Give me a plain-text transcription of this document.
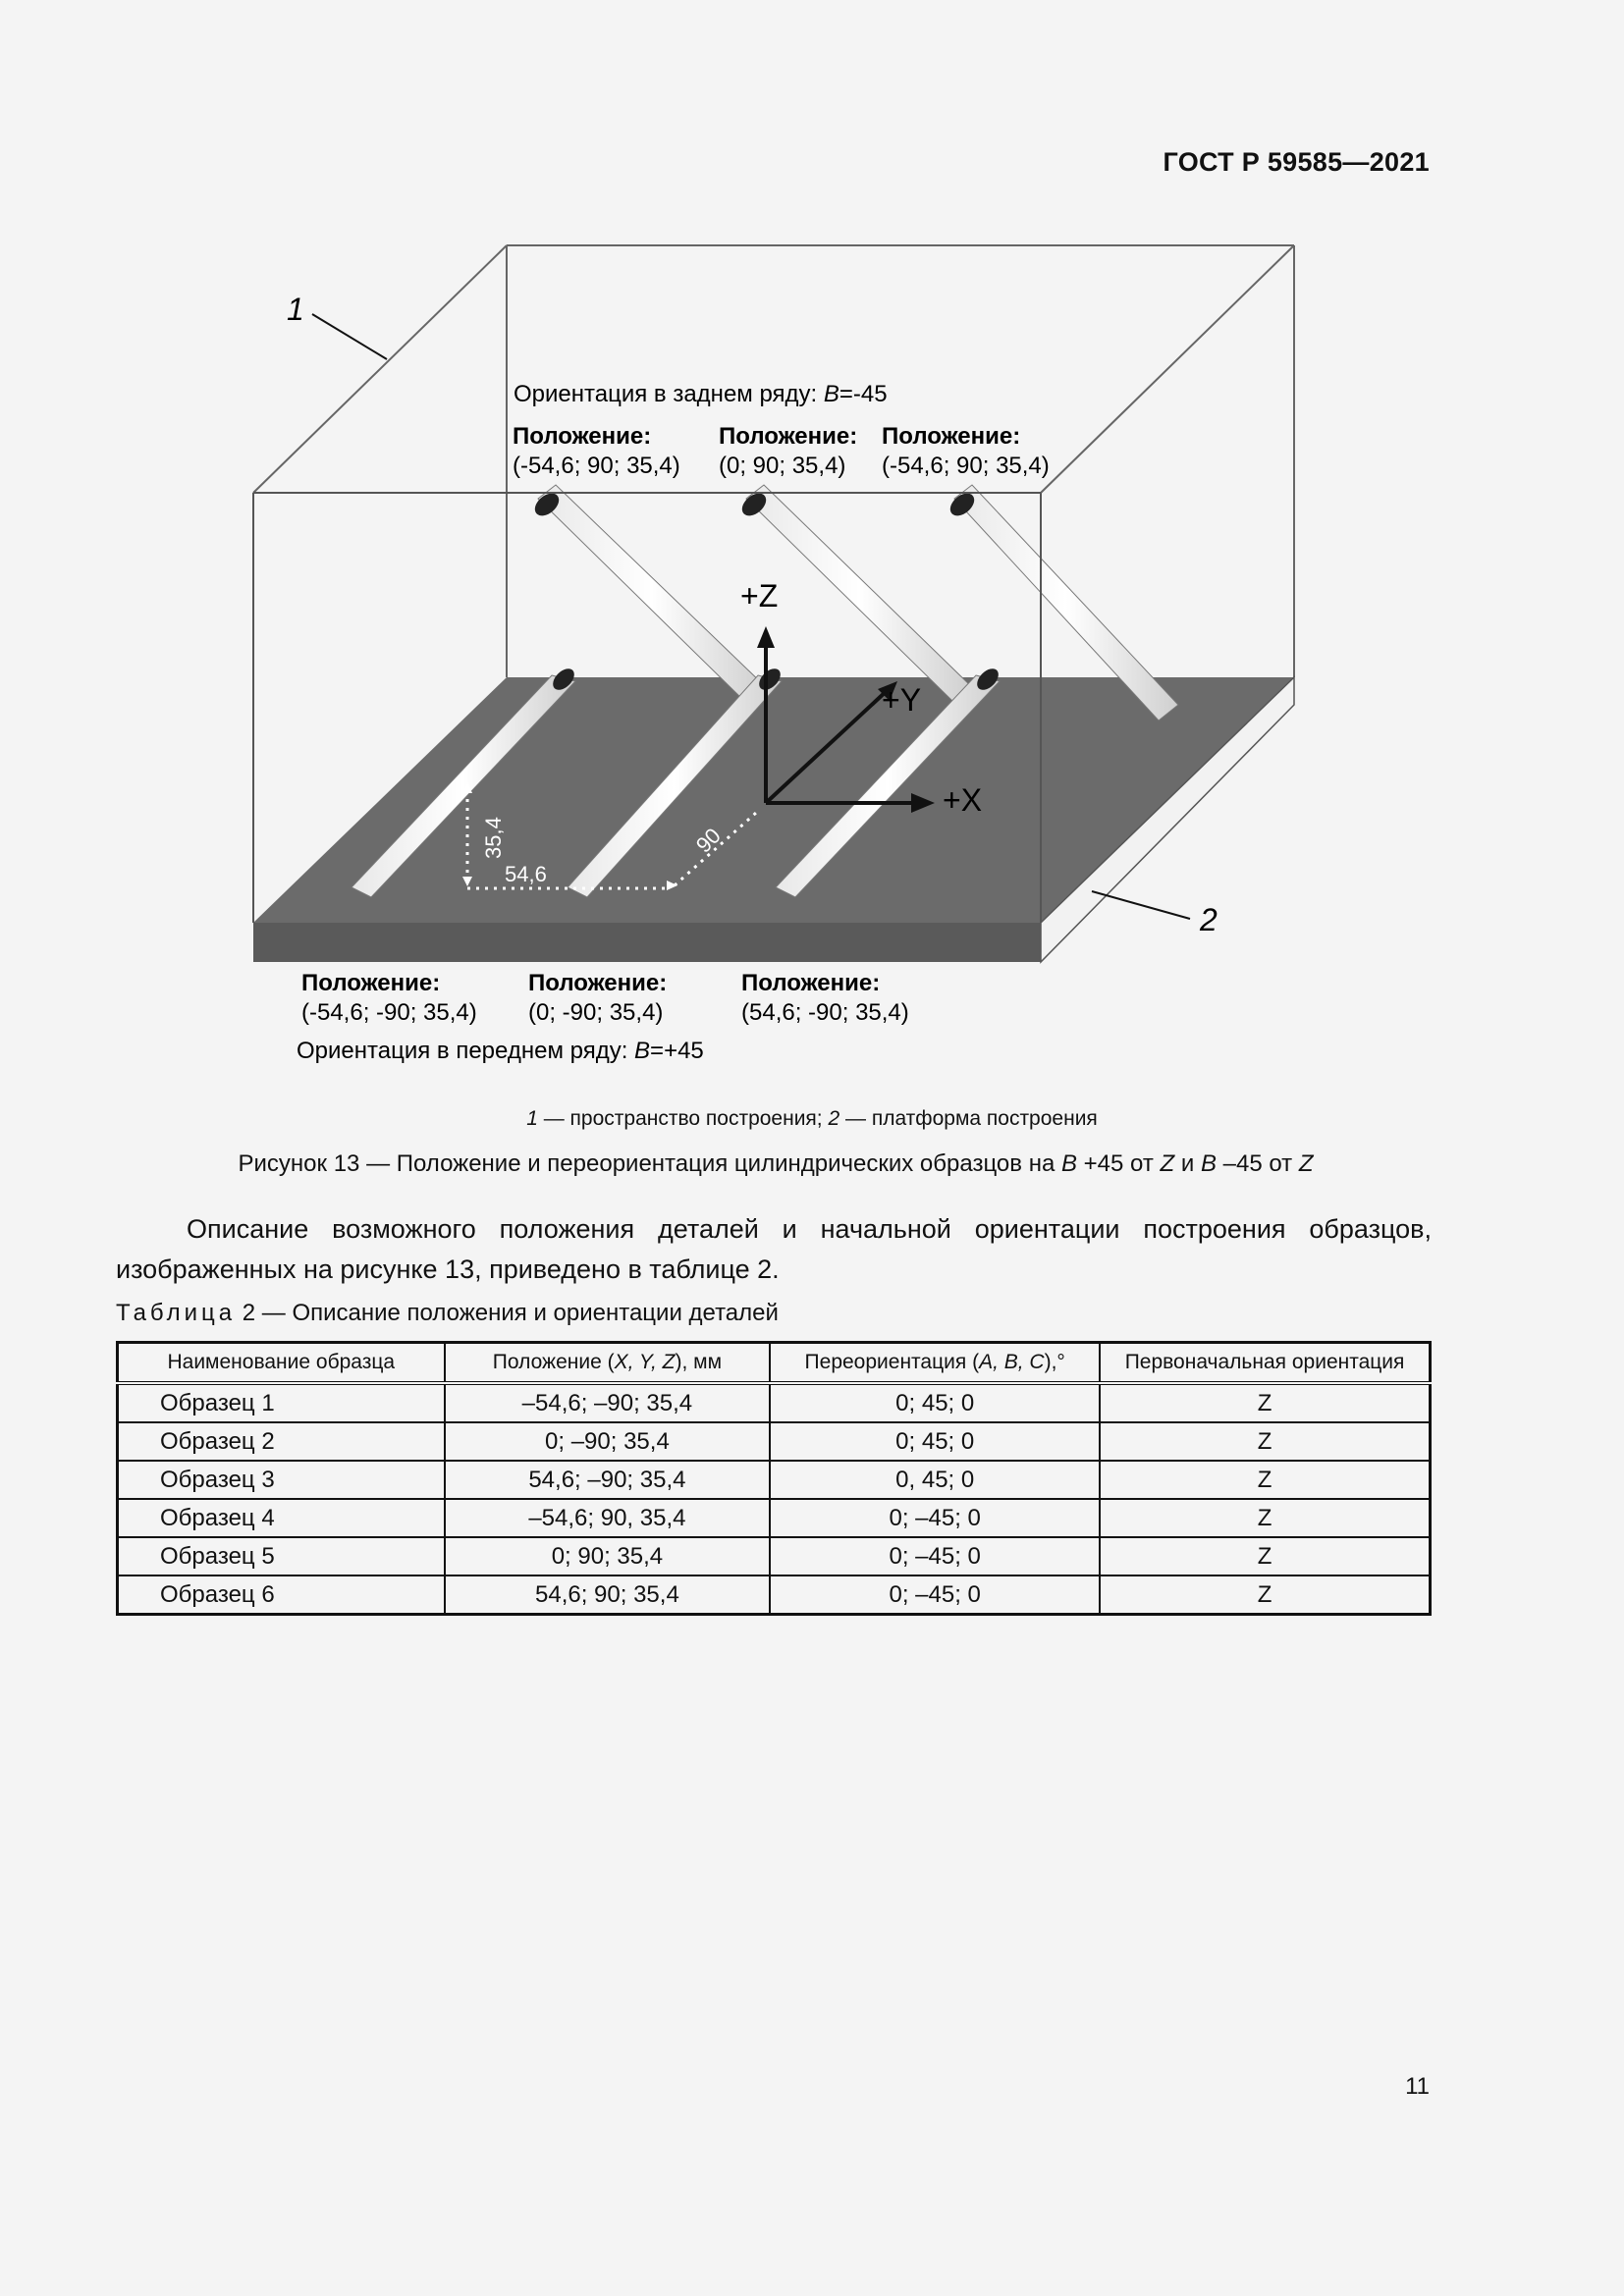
ГОСТ Р 59585—2021
1
2
Ориентация в заднем ряду: B=-45
Положение:
(-54,6; 90; 35,4)
Положение:
(0; 90; 35,4)
Положение:
(-54,6; 90; 35,4)
+Z
+Y
+X
35,4
54,6
90
Положение:
(-54,6; -90; 35,4)
Положение:
(0; -90; 35,4)
Положение:
(54,6; -90; 35,4)
Ориентация в переднем ряду: B=+45
1 — пространство построения; 2 — платформа построения
Рисунок 13 — Положение и переориентация цилиндрических образцов на B +45 от Z и B –45 от Z

Описание возможного положения деталей и начальной ориентации построения образцов, изображенных на рисунке 13, приведено в таблице 2.

Таблица 2 — Описание положения и ориентации деталей
Наименование образца	Положение (X, Y, Z), мм	Переориентация (A, B, C),°	Первоначальная ориентация
Образец 1	–54,6; –90; 35,4	0; 45; 0	Z
Образец 2	0; –90; 35,4	0; 45; 0	Z
Образец 3	54,6; –90; 35,4	0, 45; 0	Z
Образец 4	–54,6; 90, 35,4	0; –45; 0	Z
Образец 5	0; 90; 35,4	0; –45; 0	Z
Образец 6	54,6; 90; 35,4	0; –45; 0	Z
11
